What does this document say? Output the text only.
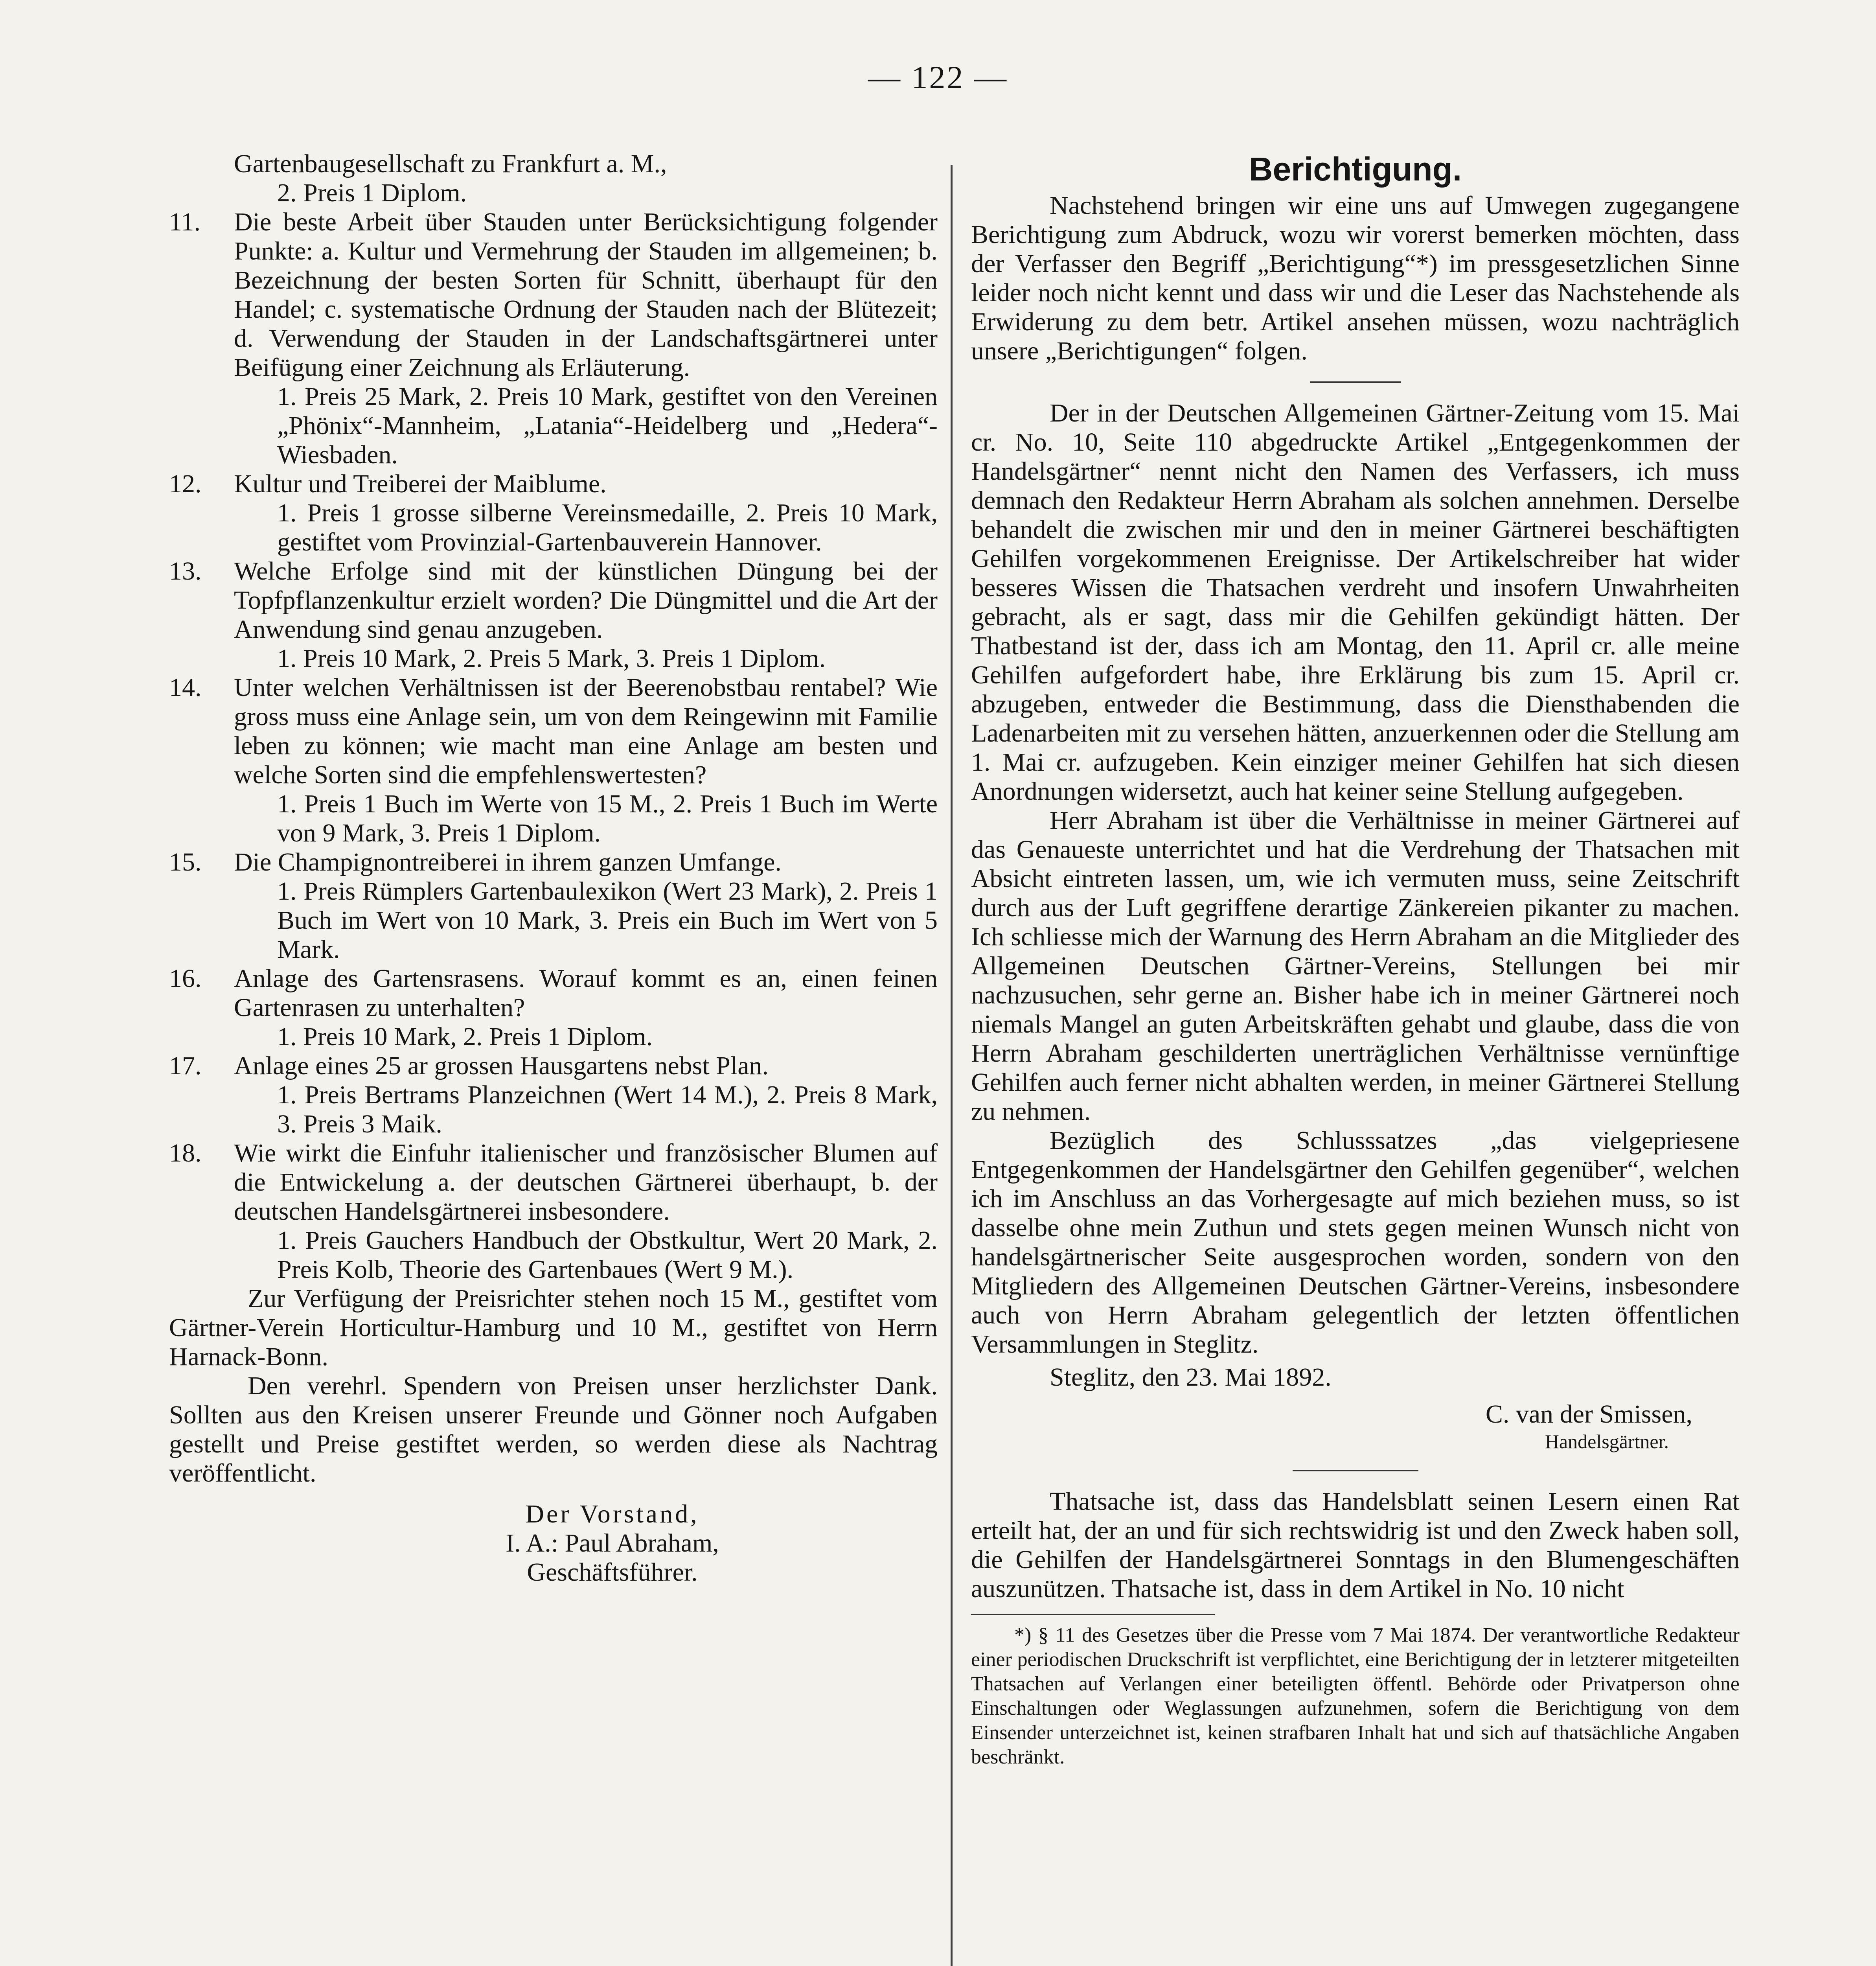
— 122 —
Gartenbaugesellschaft zu Frankfurt a. M.,
2. Preis 1 Diplom.
11.	Die beste Arbeit über Stauden unter Berücksichtigung folgender Punkte: a. Kultur und Vermehrung der Stauden im allgemeinen; b. Bezeichnung der besten Sorten für Schnitt, überhaupt für den Handel; c. systematische Ordnung der Stauden nach der Blütezeit; d. Verwendung der Stauden in der Landschaftsgärtnerei unter Beifügung einer Zeichnung als Erläuterung.
1. Preis 25 Mark, 2. Preis 10 Mark, gestiftet von den Vereinen „Phönix“-Mannheim, „Latania“-Heidelberg und „Hedera“-Wiesbaden.
12.	Kultur und Treiberei der Maiblume.
1. Preis 1 grosse silberne Vereinsmedaille, 2. Preis 10 Mark, gestiftet vom Provinzial-Gartenbauverein Hannover.
13.	Welche Erfolge sind mit der künstlichen Düngung bei der Topfpflanzenkultur erzielt worden? Die Düngmittel und die Art der Anwendung sind genau anzugeben.
1. Preis 10 Mark, 2. Preis 5 Mark, 3. Preis 1 Diplom.
14.	Unter welchen Verhältnissen ist der Beerenobstbau rentabel? Wie gross muss eine Anlage sein, um von dem Reingewinn mit Familie leben zu können; wie macht man eine Anlage am besten und welche Sorten sind die empfehlenswertesten?
1. Preis 1 Buch im Werte von 15 M., 2. Preis 1 Buch im Werte von 9 Mark, 3. Preis 1 Diplom.
15.	Die Champignontreiberei in ihrem ganzen Umfange.
1. Preis Rümplers Gartenbaulexikon (Wert 23 Mark), 2. Preis 1 Buch im Wert von 10 Mark, 3. Preis ein Buch im Wert von 5 Mark.
16.	Anlage des Gartensrasens. Worauf kommt es an, einen feinen Gartenrasen zu unterhalten?
1. Preis 10 Mark, 2. Preis 1 Diplom.
17.	Anlage eines 25 ar grossen Hausgartens nebst Plan.
1. Preis Bertrams Planzeichnen (Wert 14 M.), 2. Preis 8 Mark, 3. Preis 3 Maik.
18.	Wie wirkt die Einfuhr italienischer und französischer Blumen auf die Entwickelung a. der deutschen Gärtnerei überhaupt, b. der deutschen Handelsgärtnerei insbesondere.
1. Preis Gauchers Handbuch der Obstkultur, Wert 20 Mark, 2. Preis Kolb, Theorie des Gartenbaues (Wert 9 M.).

Zur Verfügung der Preisrichter stehen noch 15 M., gestiftet vom Gärtner-Verein Horticultur-Hamburg und 10 M., gestiftet von Herrn Harnack-Bonn.

Den verehrl. Spendern von Preisen unser herzlichster Dank. Sollten aus den Kreisen unserer Freunde und Gönner noch Aufgaben gestellt und Preise gestiftet werden, so werden diese als Nachtrag veröffentlicht.

Der Vorstand,
I. A.: Paul Abraham,
Geschäftsführer.
Berichtigung.

Nachstehend bringen wir eine uns auf Umwegen zugegangene Berichtigung zum Abdruck, wozu wir vorerst bemerken möchten, dass der Verfasser den Begriff „Berichtigung“*) im pressgesetzlichen Sinne leider noch nicht kennt und dass wir und die Leser das Nachstehende als Erwiderung zu dem betr. Artikel ansehen müssen, wozu nachträglich unsere „Berichtigungen“ folgen.

Der in der Deutschen Allgemeinen Gärtner-Zeitung vom 15. Mai cr. No. 10, Seite 110 abgedruckte Artikel „Entgegenkommen der Handelsgärtner“ nennt nicht den Namen des Verfassers, ich muss demnach den Redakteur Herrn Abraham als solchen annehmen. Derselbe behandelt die zwischen mir und den in meiner Gärtnerei beschäftigten Gehilfen vorgekommenen Ereignisse. Der Artikelschreiber hat wider besseres Wissen die Thatsachen verdreht und insofern Unwahrheiten gebracht, als er sagt, dass mir die Gehilfen gekündigt hätten. Der Thatbestand ist der, dass ich am Montag, den 11. April cr. alle meine Gehilfen aufgefordert habe, ihre Erklärung bis zum 15. April cr. abzugeben, entweder die Bestimmung, dass die Diensthabenden die Ladenarbeiten mit zu versehen hätten, anzuerkennen oder die Stellung am 1. Mai cr. aufzugeben. Kein einziger meiner Gehilfen hat sich diesen Anordnungen widersetzt, auch hat keiner seine Stellung aufgegeben.

Herr Abraham ist über die Verhältnisse in meiner Gärtnerei auf das Genaueste unterrichtet und hat die Verdrehung der Thatsachen mit Absicht eintreten lassen, um, wie ich vermuten muss, seine Zeitschrift durch aus der Luft gegriffene derartige Zänkereien pikanter zu machen. Ich schliesse mich der Warnung des Herrn Abraham an die Mitglieder des Allgemeinen Deutschen Gärtner-Vereins, Stellungen bei mir nachzusuchen, sehr gerne an. Bisher habe ich in meiner Gärtnerei noch niemals Mangel an guten Arbeitskräften gehabt und glaube, dass die von Herrn Abraham geschilderten unerträglichen Verhältnisse vernünftige Gehilfen auch ferner nicht abhalten werden, in meiner Gärtnerei Stellung zu nehmen.

Bezüglich des Schlusssatzes „das vielgepriesene Entgegenkommen der Handelsgärtner den Gehilfen gegenüber“, welchen ich im Anschluss an das Vorhergesagte auf mich beziehen muss, so ist dasselbe ohne mein Zuthun und stets gegen meinen Wunsch nicht von handelsgärtnerischer Seite ausgesprochen worden, sondern von den Mitgliedern des Allgemeinen Deutschen Gärtner-Vereins, insbesondere auch von Herrn Abraham gelegentlich der letzten öffentlichen Versammlungen in Steglitz.

Steglitz, den 23. Mai 1892.
C. van der Smissen,
Handelsgärtner.

Thatsache ist, dass das Handelsblatt seinen Lesern einen Rat erteilt hat, der an und für sich rechtswidrig ist und den Zweck haben soll, die Gehilfen der Handelsgärtnerei Sonntags in den Blumengeschäften auszunützen. Thatsache ist, dass in dem Artikel in No. 10 nicht

*) § 11 des Gesetzes über die Presse vom 7 Mai 1874. Der verantwortliche Redakteur einer periodischen Druckschrift ist verpflichtet, eine Berichtigung der in letzterer mitgeteilten Thatsachen auf Verlangen einer beteiligten öffentl. Behörde oder Privatperson ohne Einschaltungen oder Weglassungen aufzunehmen, sofern die Berichtigung von dem Einsender unterzeichnet ist, keinen strafbaren Inhalt hat und sich auf thatsächliche Angaben beschränkt.
